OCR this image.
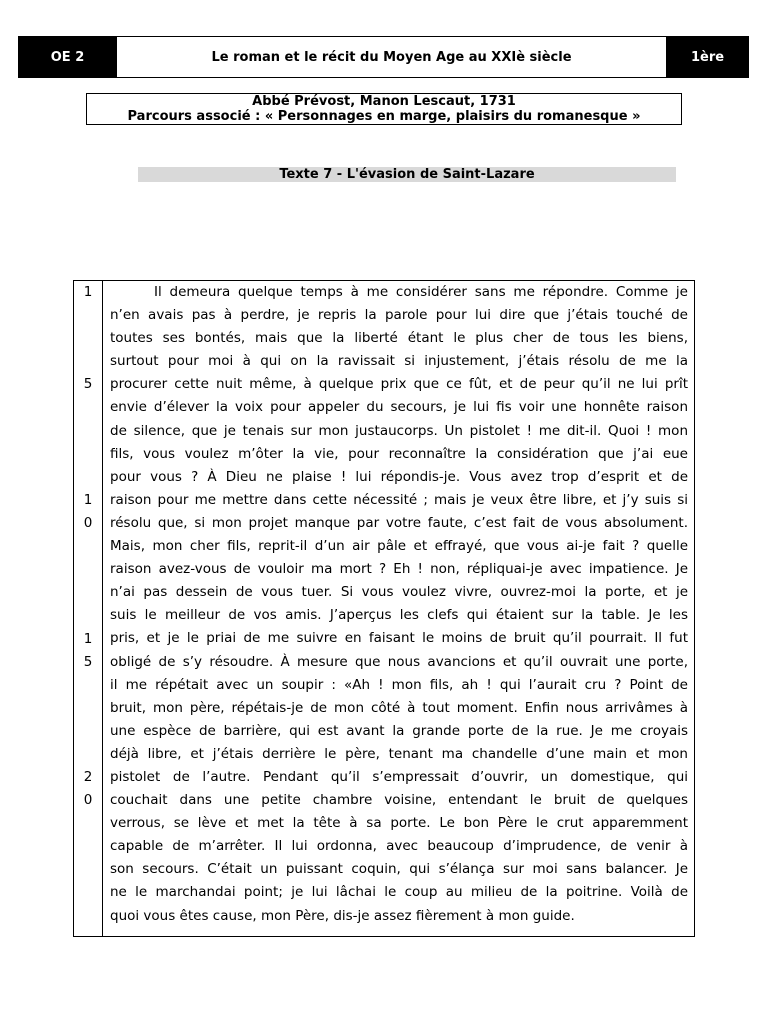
OE 2	Le roman et le récit du Moyen Age au XXIè siècle	1ère
Abbé Prévost, Manon Lescaut, 1731
Parcours associé : « Personnages en marge, plaisirs du romanesque »
Texte 7 - L'évasion de Saint-Lazare
1
5
1
0
1
5
2
0
Il demeura quelque temps à me considérer sans me répondre. Comme je
n’en avais pas à perdre, je repris la parole pour lui dire que j’étais touché de
toutes ses bontés, mais que la liberté étant le plus cher de tous les biens,
surtout pour moi à qui on la ravissait si injustement, j’étais résolu de me la
procurer cette nuit même, à quelque prix que ce fût, et de peur qu’il ne lui prît
envie d’élever la voix pour appeler du secours, je lui fis voir une honnête raison
de silence, que je tenais sur mon justaucorps. Un pistolet ! me dit-il. Quoi ! mon
fils, vous voulez m’ôter la vie, pour reconnaître la considération que j’ai eue
pour vous ? À Dieu ne plaise ! lui répondis-je. Vous avez trop d’esprit et de
raison pour me mettre dans cette nécessité ; mais je veux être libre, et j’y suis si
résolu que, si mon projet manque par votre faute, c’est fait de vous absolument.
Mais, mon cher fils, reprit-il d’un air pâle et effrayé, que vous ai-je fait ? quelle
raison avez-vous de vouloir ma mort ? Eh ! non, répliquai-je avec impatience. Je
n’ai pas dessein de vous tuer. Si vous voulez vivre, ouvrez-moi la porte, et je
suis le meilleur de vos amis. J’aperçus les clefs qui étaient sur la table. Je les
pris, et je le priai de me suivre en faisant le moins de bruit qu’il pourrait. Il fut
obligé de s’y résoudre. À mesure que nous avancions et qu’il ouvrait une porte,
il me répétait avec un soupir : «Ah ! mon fils, ah ! qui l’aurait cru ? Point de
bruit, mon père, répétais-je de mon côté à tout moment. Enfin nous arrivâmes à
une espèce de barrière, qui est avant la grande porte de la rue. Je me croyais
déjà libre, et j’étais derrière le père, tenant ma chandelle d’une main et mon
pistolet de l’autre. Pendant qu’il s’empressait d’ouvrir, un domestique, qui
couchait dans une petite chambre voisine, entendant le bruit de quelques
verrous, se lève et met la tête à sa porte. Le bon Père le crut apparemment
capable de m’arrêter. Il lui ordonna, avec beaucoup d’imprudence, de venir à
son secours. C’était un puissant coquin, qui s’élança sur moi sans balancer. Je
ne le marchandai point; je lui lâchai le coup au milieu de la poitrine. Voilà de
quoi vous êtes cause, mon Père, dis-je assez fièrement à mon guide.
